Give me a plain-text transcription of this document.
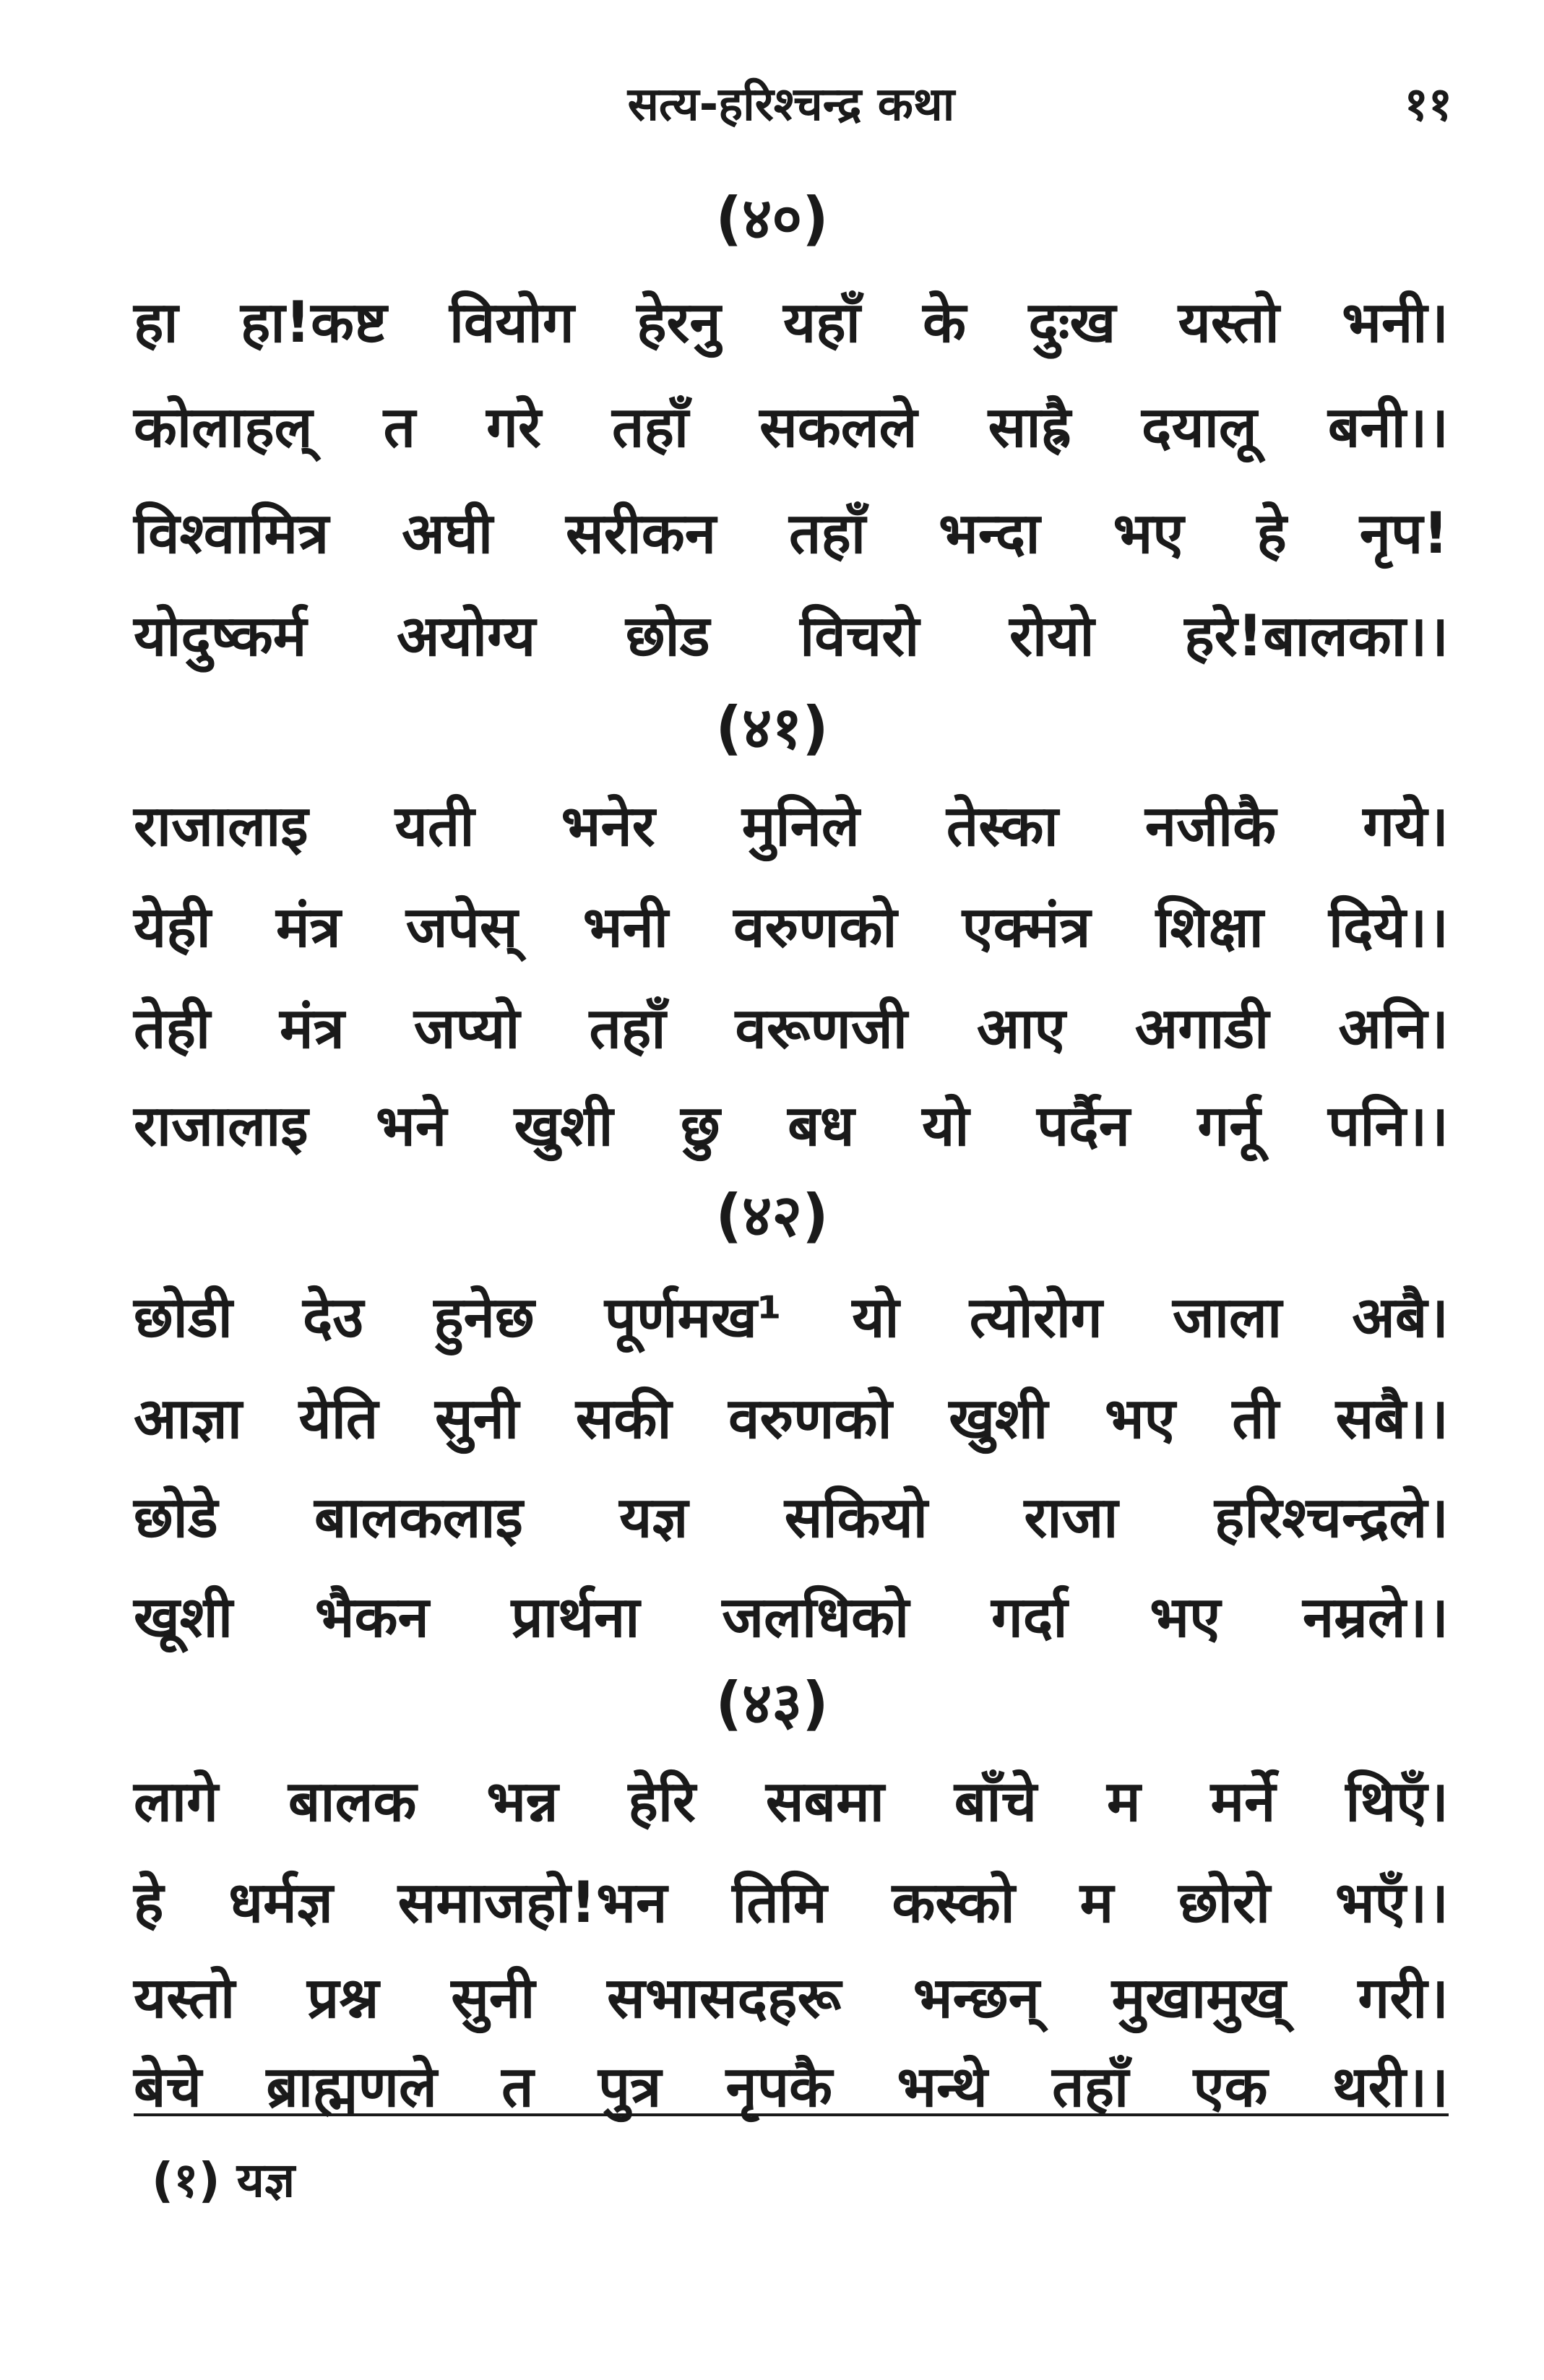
सत्य-हरिश्चन्द्र कथा	११
(४०)
हा हा!कष्ट वियोग हेरनु यहाँ के दुःख यस्तो भनी।
कोलाहल् त गरे तहाँ सकलले साह्रै दयालू बनी।।
विश्वामित्र अघी सरीकन तहाँ भन्दा भए हे नृप!
योदुष्कर्म अयोग्य छोड विचरो रोयो हरे!बालका।।
(४१)
राजालाइ यती भनेर मुनिले तेस्का नजीकै गये।
येही मंत्र जपेस् भनी वरुणको एक्मंत्र शिक्षा दिये।।
तेही मंत्र जप्यो तहाँ वरूणजी आए अगाडी अनि।
राजालाइ भने खुशी छु बध यो पर्दैन गर्नू पनि।।
(४२)
छोडी देउ हुनेछ पूर्णमख¹ यो त्योरोग जाला अबै।
आज्ञा येति सुनी सकी वरुणको खुशी भए ती सबै।।
छोडे बालकलाइ यज्ञ सकियो राजा हरिश्चन्द्रले।
खूशी भैकन प्रार्थना जलधिको गर्दा भए नम्रले।।
(४३)
लागे बालक भन्न हेरि सबमा बाँचे म मर्ने थिएँ।
हे धर्मज्ञ समाजहो!भन तिमि कस्को म छोरो भएँ।।
यस्तो प्रश्न सुनी सभासदहरू भन्छन् मुखामुख् गरी।
बेचे ब्राह्मणले त पुत्र नृपकै भन्थे तहाँ एक थरी।।
(१) यज्ञ
